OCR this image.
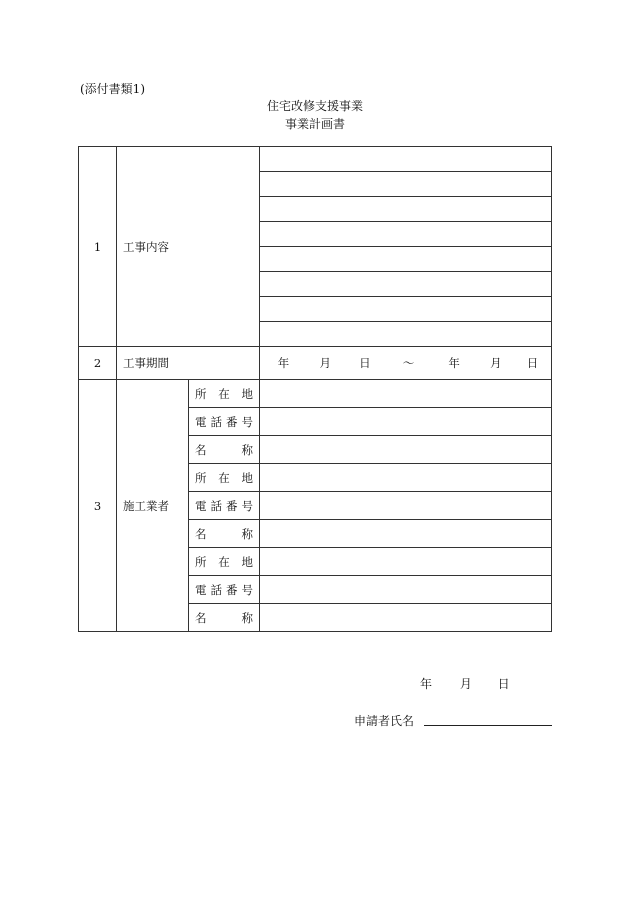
(添付書類1)
住宅改修支援事業
事業計画書
1	工事内容		

2	工事期間		年 月 日 〜 年 月 日
3	施工業者	所 在 地	
		電 話 番 号	
		名　　称	
		所 在 地	
		電 話 番 号	
		名　　称	
		所 在 地	
		電 話 番 号	
		名　　称	
年 月 日
申請者氏名
